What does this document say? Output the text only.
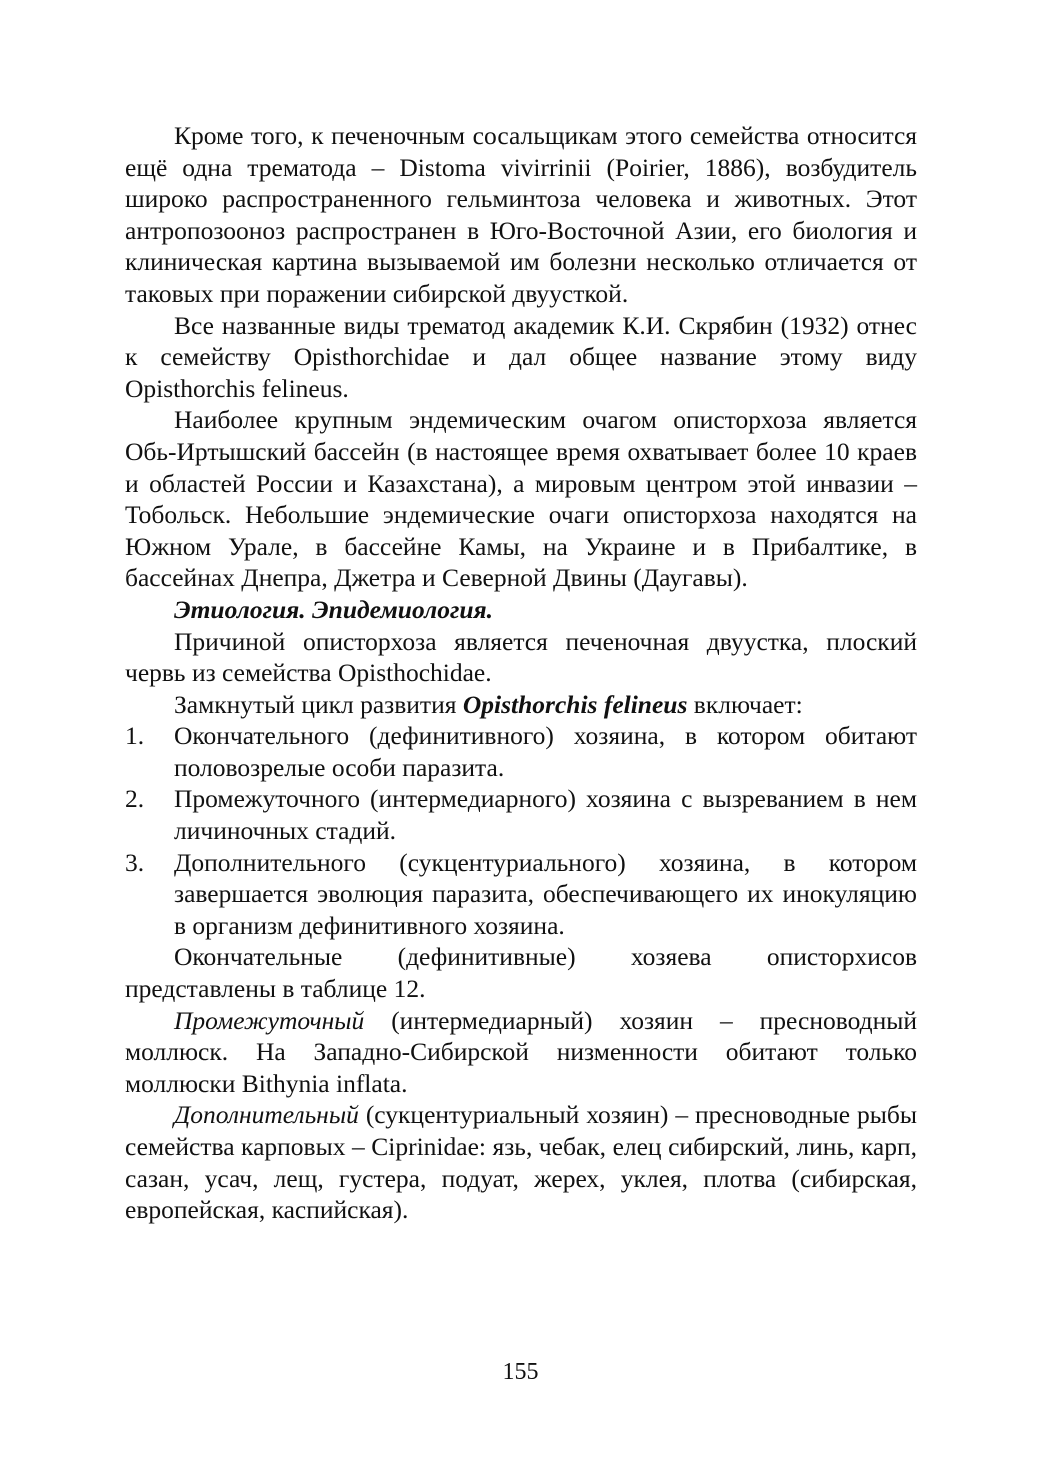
Кроме того, к печеночным сосальщикам этого семейства относится ещё одна трематода – Distoma vivirrinii (Poirier, 1886), возбудитель широко распространенного гельминтоза человека и животных. Этот антропозооноз распространен в Юго-Восточной Азии, его биология и клиническая картина вызываемой им болезни несколько отличается от таковых при поражении сибирской двуусткой.

Все названные виды трематод академик К.И. Скрябин (1932) отнес к семейству Opisthorchidae и дал общее название этому виду Opisthorchis felineus.

Наиболее крупным эндемическим очагом описторхоза является Обь-Иртышский бассейн (в настоящее время охватывает более 10 краев и областей России и Казахстана), а мировым центром этой инвазии – Тобольск. Небольшие эндемические очаги описторхоза находятся на Южном Урале, в бассейне Камы, на Украине и в Прибалтике, в бассейнах Днепра, Джетра и Северной Двины (Даугавы).

Этиология. Эпидемиология.

Причиной описторхоза является печеночная двуустка, плоский червь из семейства Opisthochidae.

Замкнутый цикл развития Opisthorchis felineus включает:

1.	Окончательного (дефинитивного) хозяина, в котором обитают половозрелые особи паразита.
2.	Промежуточного (интермедиарного) хозяина с вызреванием в нем личиночных стадий.
3.	Дополнительного (сукцентуриального) хозяина, в котором завершается эволюция паразита, обеспечивающего их инокуляцию в организм дефинитивного хозяина.

Окончательные (дефинитивные) хозяева описторхисов представлены в таблице 12.

Промежуточный (интермедиарный) хозяин – пресноводный моллюск. На Западно-Сибирской низменности обитают только моллюски Bithynia inflata.

Дополнительный (сукцентуриальный хозяин) – пресноводные рыбы семейства карповых – Ciprinidae: язь, чебак, елец сибирский, линь, карп, сазан, усач, лещ, густера, подуат, жерех, уклея, плотва (сибирская, европейская, каспийская).

155
